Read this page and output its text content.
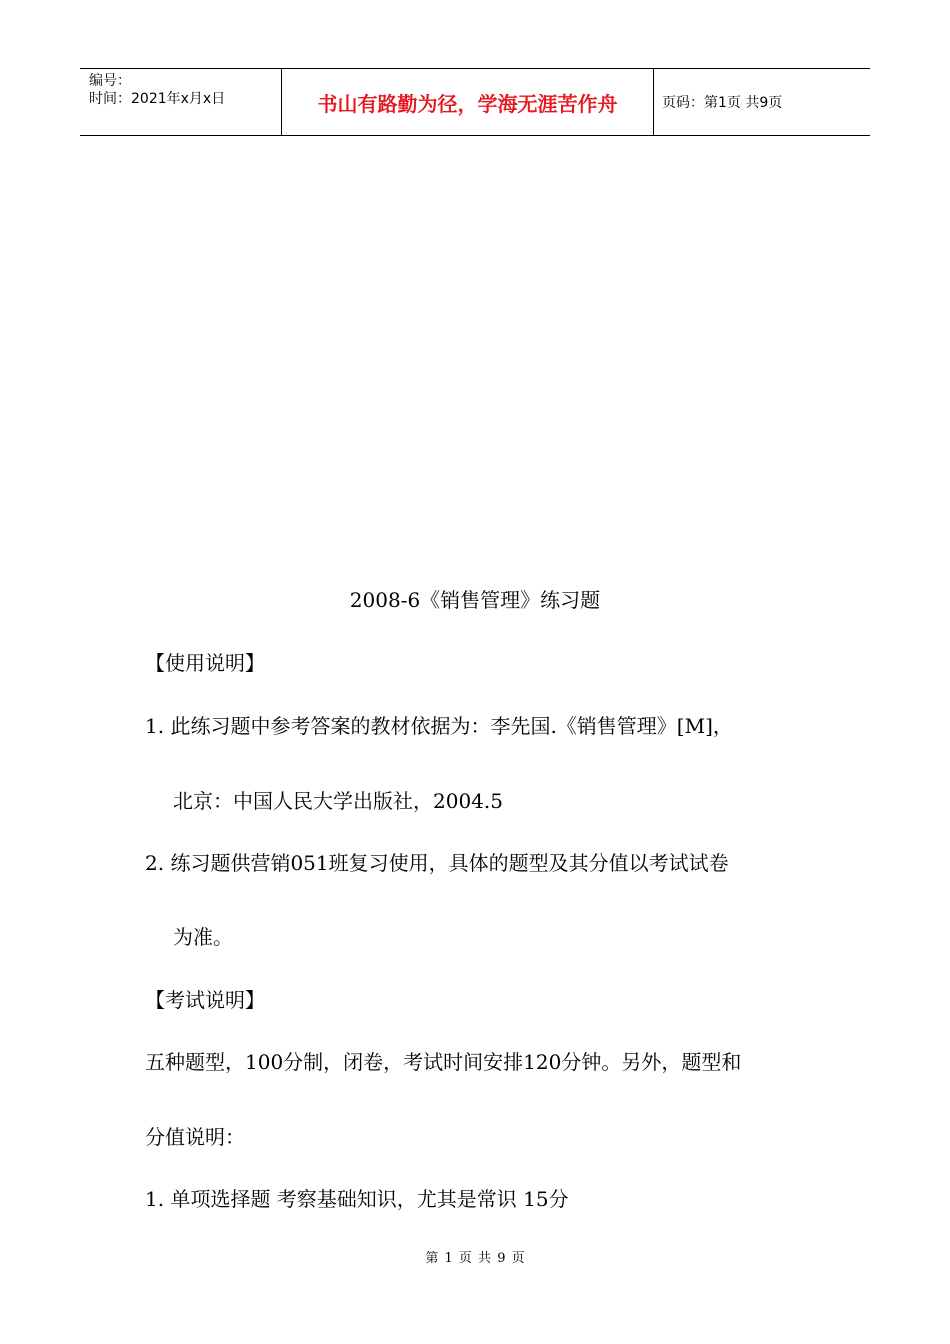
编号：
时间：2021年x月x日	书山有路勤为径，学海无涯苦作舟	页码：第1页 共9页
2008-6《销售管理》练习题
【使用说明】
1. 此练习题中参考答案的教材依据为：李先国.《销售管理》[M]，
北京：中国人民大学出版社，2004.5
2. 练习题供营销051班复习使用，具体的题型及其分值以考试试卷
为准。
【考试说明】
五种题型，100分制，闭卷，考试时间安排120分钟。另外，题型和
分值说明：
1. 单项选择题 考察基础知识，尤其是常识 15分
第 1 页 共 9 页
